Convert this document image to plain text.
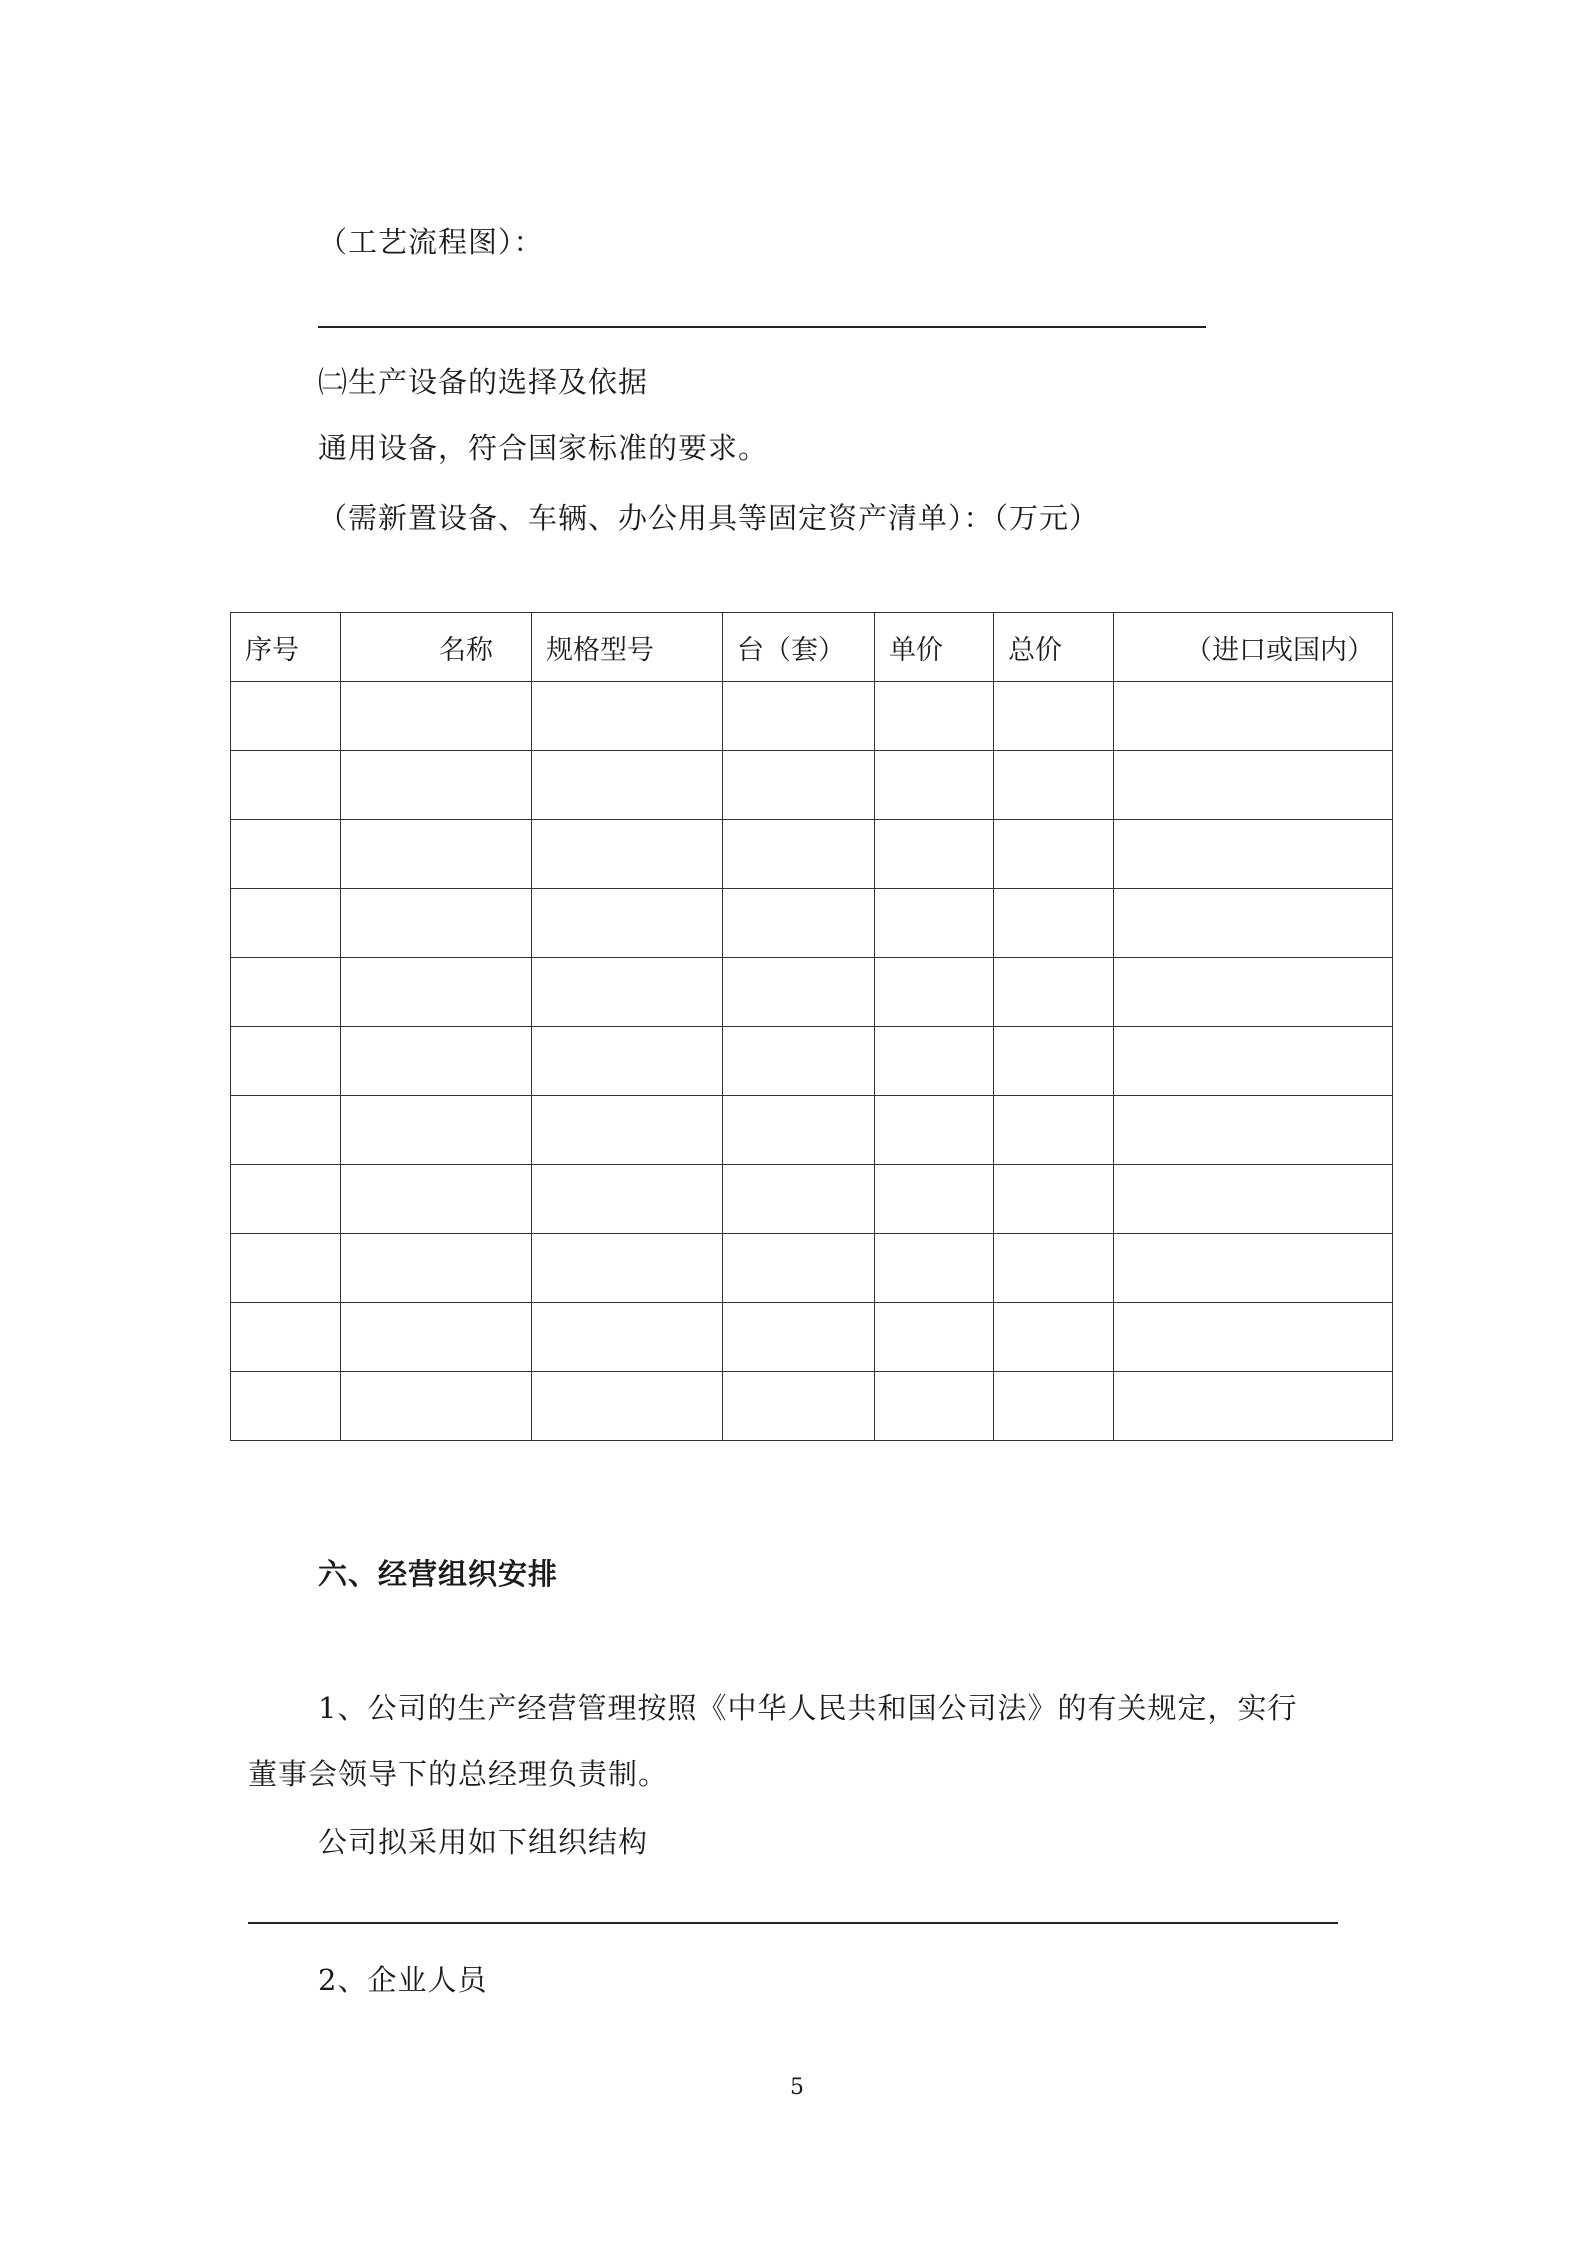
（工艺流程图）：
㈡生产设备的选择及依据
通用设备，符合国家标准的要求。
（需新置设备、车辆、办公用具等固定资产清单）：（万元）
序号	名称	规格型号	台（套）	单价	总价	（进口或国内）

六、经营组织安排
1、公司的生产经营管理按照《中华人民共和国公司法》的有关规定，实行
董事会领导下的总经理负责制。
公司拟采用如下组织结构
2、企业人员
5
